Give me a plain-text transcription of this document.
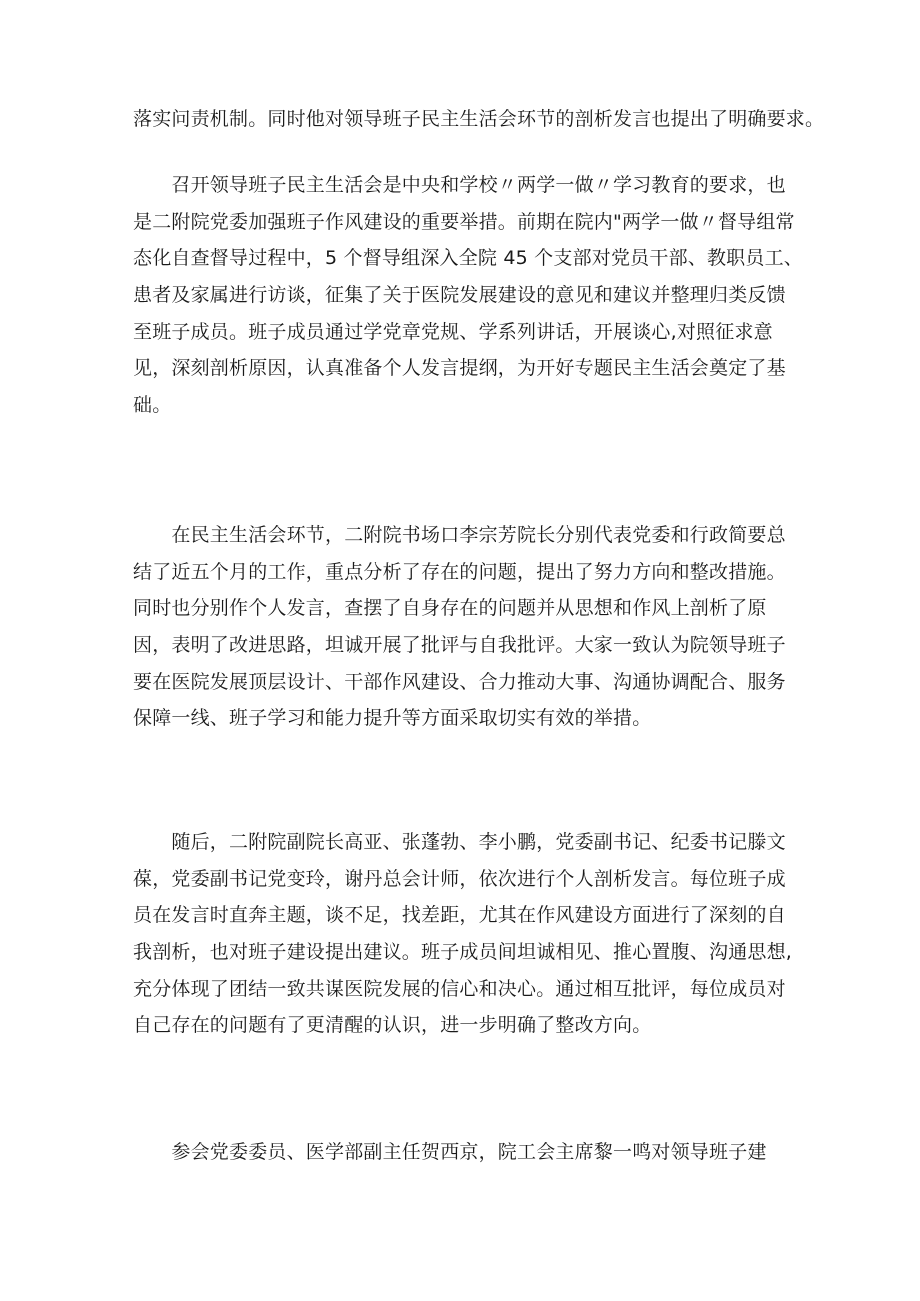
落实问责机制。同时他对领导班子民主生活会环节的剖析发言也提出了明确要求。
　　召开领导班子民主生活会是中央和学校〃两学一做〃学习教育的要求，也
是二附院党委加强班子作风建设的重要举措。前期在院内"两学一做〃督导组常
态化自查督导过程中，5 个督导组深入全院 45 个支部对党员干部、教职员工、
患者及家属进行访谈，征集了关于医院发展建设的意见和建议并整理归类反馈
至班子成员。班子成员通过学党章党规、学系列讲话，开展谈心,对照征求意
见，深刻剖析原因，认真准备个人发言提纲，为开好专题民主生活会奠定了基
础。
　　在民主生活会环节，二附院书场口李宗芳院长分别代表党委和行政简要总
结了近五个月的工作，重点分析了存在的问题，提出了努力方向和整改措施。
同时也分别作个人发言，查摆了自身存在的问题并从思想和作风上剖析了原
因，表明了改进思路，坦诚开展了批评与自我批评。大家一致认为院领导班子
要在医院发展顶层设计、干部作风建设、合力推动大事、沟通协调配合、服务
保障一线、班子学习和能力提升等方面采取切实有效的举措。
　　随后，二附院副院长高亚、张蓬勃、李小鹏，党委副书记、纪委书记滕文
葆，党委副书记党变玲，谢丹总会计师，依次进行个人剖析发言。每位班子成
员在发言时直奔主题，谈不足，找差距，尤其在作风建设方面进行了深刻的自
我剖析，也对班子建设提出建议。班子成员间坦诚相见、推心置腹、沟通思想,
充分体现了团结一致共谋医院发展的信心和决心。通过相互批评，每位成员对
自己存在的问题有了更清醒的认识，进一步明确了整改方向。
　　参会党委委员、医学部副主任贺西京，院工会主席黎一鸣对领导班子建
